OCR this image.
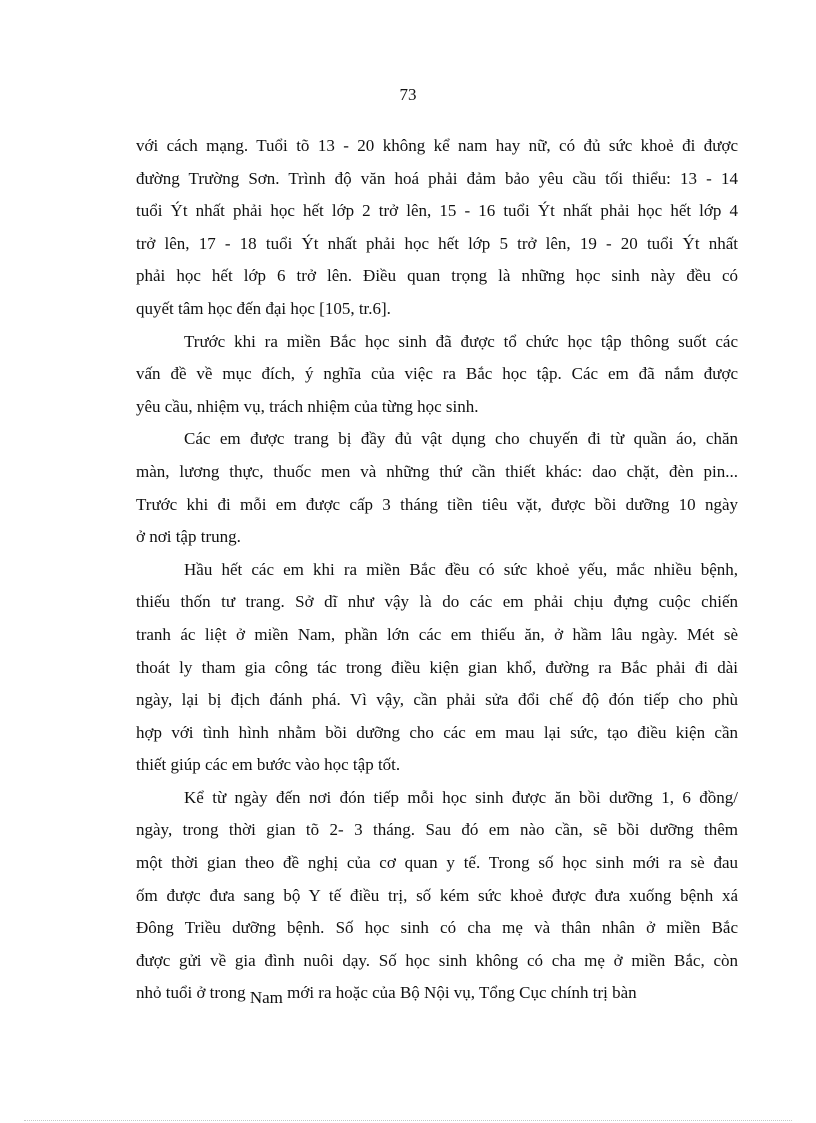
73
với cách mạng. Tuổi tõ 13 - 20 không kể nam hay nữ, có đủ sức khoẻ đi được
đường Trường Sơn. Trình độ văn hoá phải đảm bảo yêu cầu tối thiểu: 13 - 14
tuổi Ýt nhất phải học hết lớp 2 trở lên, 15 - 16 tuổi Ýt nhất phải học hết lớp 4
trở lên, 17 - 18 tuổi Ýt nhất phải học hết lớp 5 trở lên, 19 - 20 tuổi Ýt nhất
phải học hết lớp 6 trở lên. Điều quan trọng là những học sinh này đều có
quyết tâm học đến đại học [105, tr.6].
Trước khi ra miền Bắc học sinh đã được tổ chức học tập thông suốt các
vấn đề về mục đích, ý nghĩa của việc ra Bắc học tập. Các em đã nắm được
yêu cầu, nhiệm vụ, trách nhiệm của từng học sinh.
Các em được trang bị đầy đủ vật dụng cho chuyến đi từ quần áo, chăn
màn, lương thực, thuốc men và những thứ cần thiết khác: dao chặt, đèn pin...
Trước khi đi mỗi em được cấp 3 tháng tiền tiêu vặt, được bồi dưỡng 10 ngày
ở nơi tập trung.
Hầu hết các em khi ra miền Bắc đều có sức khoẻ yếu, mắc nhiều bệnh,
thiếu thốn tư trang. Sở dĩ như vậy là do các em phải chịu đựng cuộc chiến
tranh ác liệt ở miền Nam, phần lớn các em thiếu ăn, ở hầm lâu ngày. Mét sè
thoát ly tham gia công tác trong điều kiện gian khổ, đường ra Bắc phải đi dài
ngày, lại bị địch đánh phá. Vì vậy, cần phải sửa đổi chế độ đón tiếp cho phù
hợp với tình hình nhằm bồi dưỡng cho các em mau lại sức, tạo điều kiện cần
thiết giúp các em bước vào học tập tốt.
Kể từ ngày đến nơi đón tiếp mỗi học sinh được ăn bồi dưỡng 1, 6 đồng/
ngày, trong thời gian tõ 2- 3 tháng. Sau đó em nào cần, sẽ bồi dưỡng thêm
một thời gian theo đề nghị của cơ quan y tế. Trong số học sinh mới ra sè đau
ốm được đưa sang bộ Y tế điều trị, số kém sức khoẻ được đưa xuống bệnh xá
Đông Triều dưỡng bệnh. Số học sinh có cha mẹ và thân nhân ở miền Bắc
được gửi về gia đình nuôi dạy. Số học sinh không có cha mẹ ở miền Bắc, còn
nhỏ tuổi ở trong Nam mới ra hoặc của Bộ Nội vụ, Tổng Cục chính trị bàn
